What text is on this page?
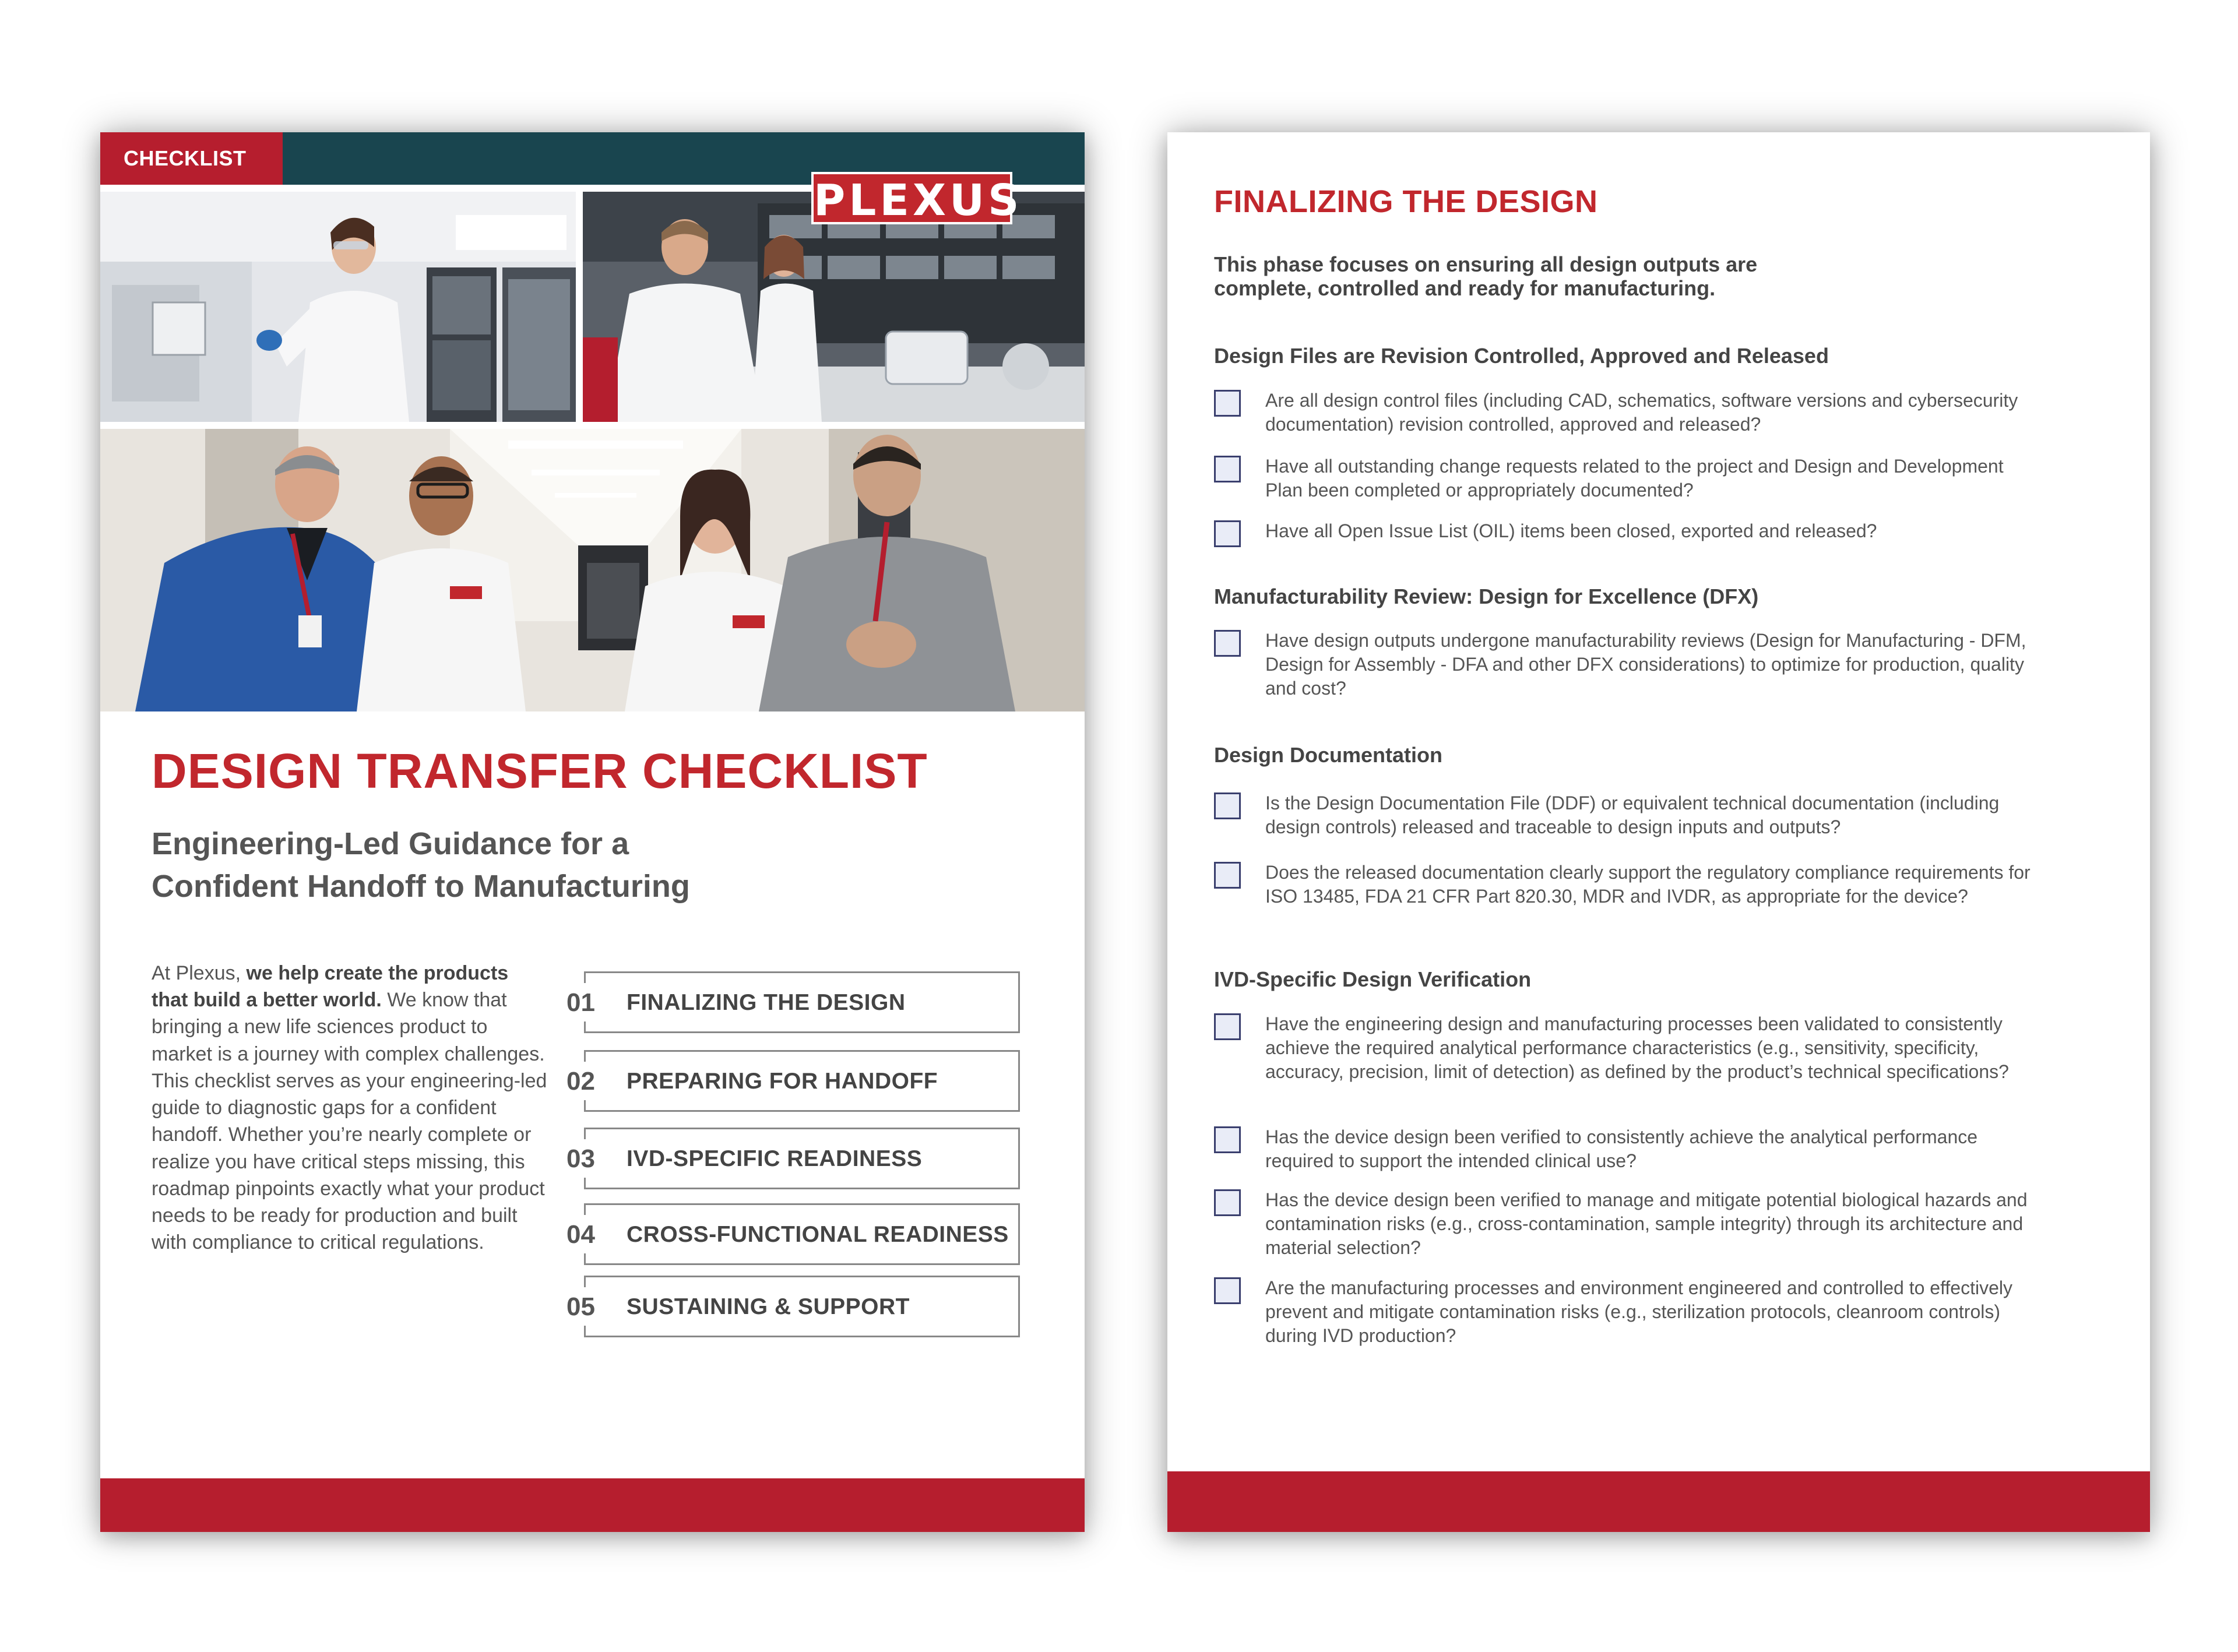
CHECKLIST
PLEXUS
DESIGN TRANSFER CHECKLIST
Engineering-Led Guidance for a
Confident Handoff to Manufacturing
At Plexus, we help create the products that build a better world. We know that bringing a new life sciences product to market is a journey with complex challenges. This checklist serves as your engineering-led guide to diagnostic gaps for a confident handoff. Whether you’re nearly complete or realize you have critical steps missing, this roadmap pinpoints exactly what your product needs to be ready for production and built with compliance to critical regulations.
01 FINALIZING THE DESIGN
02 PREPARING FOR HANDOFF
03 IVD-SPECIFIC READINESS
04 CROSS-FUNCTIONAL READINESS
05 SUSTAINING & SUPPORT
FINALIZING THE DESIGN
This phase focuses on ensuring all design outputs are
complete, controlled and ready for manufacturing.
Design Files are Revision Controlled, Approved and Released
Are all design control files (including CAD, schematics, software versions and cybersecurity documentation) revision controlled, approved and released?
Have all outstanding change requests related to the project and Design and Development Plan been completed or appropriately documented?
Have all Open Issue List (OIL) items been closed, exported and released?
Manufacturability Review: Design for Excellence (DFX)
Have design outputs undergone manufacturability reviews (Design for Manufacturing - DFM, Design for Assembly - DFA and other DFX considerations) to optimize for production, quality and cost?
Design Documentation
Is the Design Documentation File (DDF) or equivalent technical documentation (including design controls) released and traceable to design inputs and outputs?
Does the released documentation clearly support the regulatory compliance requirements for ISO 13485, FDA 21 CFR Part 820.30, MDR and IVDR, as appropriate for the device?
IVD-Specific Design Verification
Have the engineering design and manufacturing processes been validated to consistently achieve the required analytical performance characteristics (e.g., sensitivity, specificity, accuracy, precision, limit of detection) as defined by the product’s technical specifications?
Has the device design been verified to consistently achieve the analytical performance required to support the intended clinical use?
Has the device design been verified to manage and mitigate potential biological hazards and contamination risks (e.g., cross-contamination, sample integrity) through its architecture and material selection?
Are the manufacturing processes and environment engineered and controlled to effectively prevent and mitigate contamination risks (e.g., sterilization protocols, cleanroom controls) during IVD production?
